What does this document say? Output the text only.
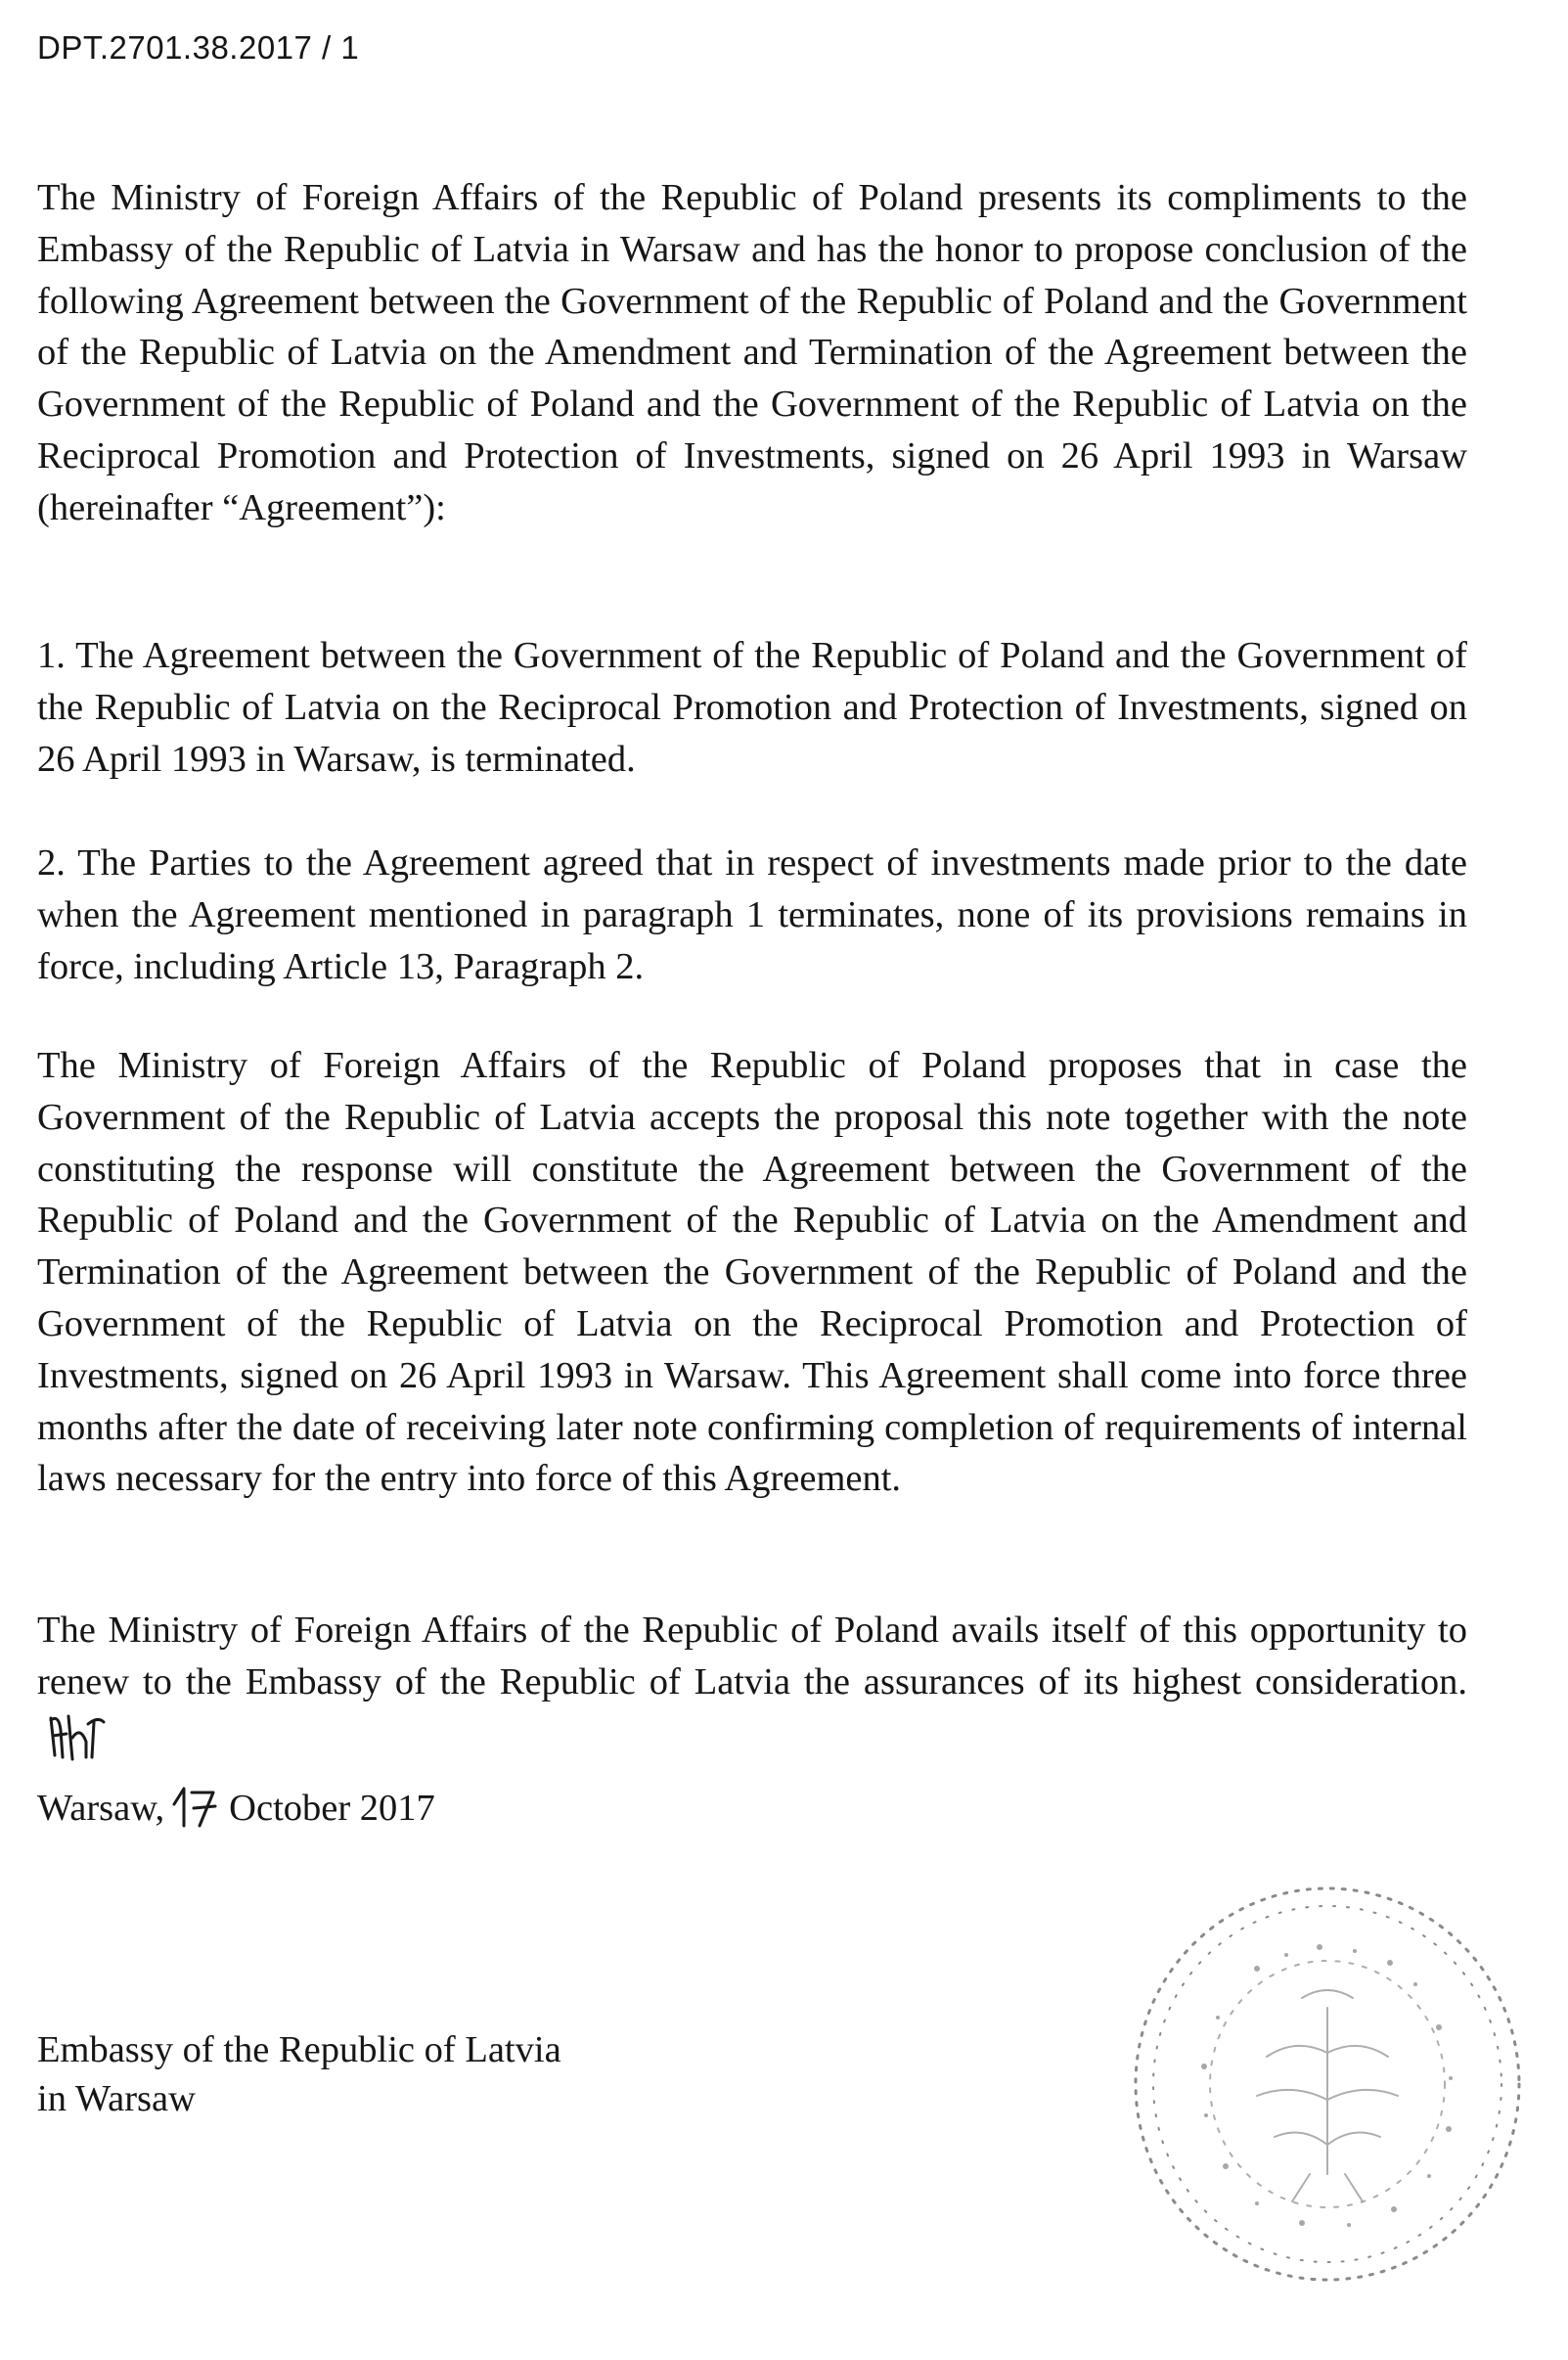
DPT.2701.38.2017 / 1

The Ministry of Foreign Affairs of the Republic of Poland presents its compliments to the Embassy of the Republic of Latvia in Warsaw and has the honor to propose conclusion of the following Agreement between the Government of the Republic of Poland and the Government of the Republic of Latvia on the Amendment and Termination of the Agreement between the Government of the Republic of Poland and the Government of the Republic of Latvia on the Reciprocal Promotion and Protection of Investments, signed on 26 April 1993 in Warsaw (hereinafter “Agreement”):

1. The Agreement between the Government of the Republic of Poland and the Government of the Republic of Latvia on the Reciprocal Promotion and Protection of Investments, signed on 26 April 1993 in Warsaw, is terminated.

2. The Parties to the Agreement agreed that in respect of investments made prior to the date when the Agreement mentioned in paragraph 1 terminates, none of its provisions remains in force, including Article 13, Paragraph 2.

The Ministry of Foreign Affairs of the Republic of Poland proposes that in case the Government of the Republic of Latvia accepts the proposal this note together with the note constituting the response will constitute the Agreement between the Government of the Republic of Poland and the Government of the Republic of Latvia on the Amendment and Termination of the Agreement between the Government of the Republic of Poland and the Government of the Republic of Latvia on the Reciprocal Promotion and Protection of Investments, signed on 26 April 1993 in Warsaw. This Agreement shall come into force three months after the date of receiving later note confirming completion of requirements of internal laws necessary for the entry into force of this Agreement.

The Ministry of Foreign Affairs of the Republic of Poland avails itself of this opportunity to renew to the Embassy of the Republic of Latvia the assurances of its highest consideration.

Warsaw, October 2017

Embassy of the Republic of Latvia
in Warsaw
